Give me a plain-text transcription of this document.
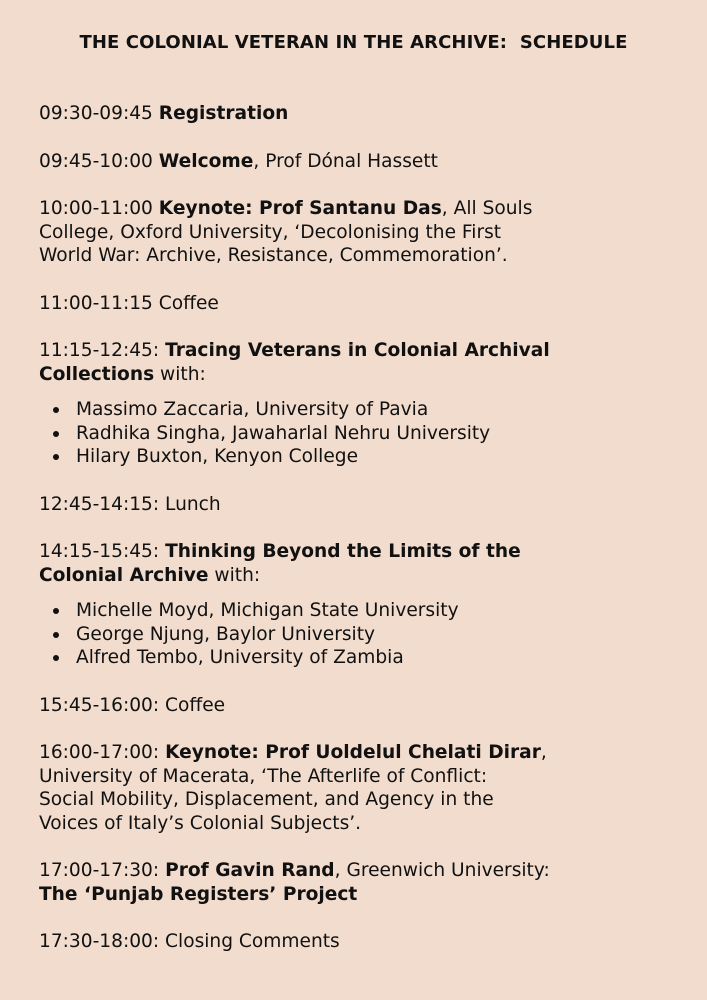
THE COLONIAL VETERAN IN THE ARCHIVE:  SCHEDULE

09:30-09:45 Registration

09:45-10:00 Welcome, Prof Dónal Hassett

10:00-11:00 Keynote: Prof Santanu Das, All Souls
College, Oxford University, ‘Decolonising the First
World War: Archive, Resistance, Commemoration’.

11:00-11:15 Coffee

11:15-12:45: Tracing Veterans in Colonial Archival
Collections with:

Massimo Zaccaria, University of Pavia
Radhika Singha, Jawaharlal Nehru University
Hilary Buxton, Kenyon College

12:45-14:15: Lunch

14:15-15:45: Thinking Beyond the Limits of the
Colonial Archive with:

Michelle Moyd, Michigan State University
George Njung, Baylor University
Alfred Tembo, University of Zambia

15:45-16:00: Coffee

16:00-17:00: Keynote: Prof Uoldelul Chelati Dirar,
University of Macerata, ‘The Afterlife of Conflict:
Social Mobility, Displacement, and Agency in the
Voices of Italy’s Colonial Subjects’.

17:00-17:30: Prof Gavin Rand, Greenwich University:
The ‘Punjab Registers’ Project

17:30-18:00: Closing Comments
